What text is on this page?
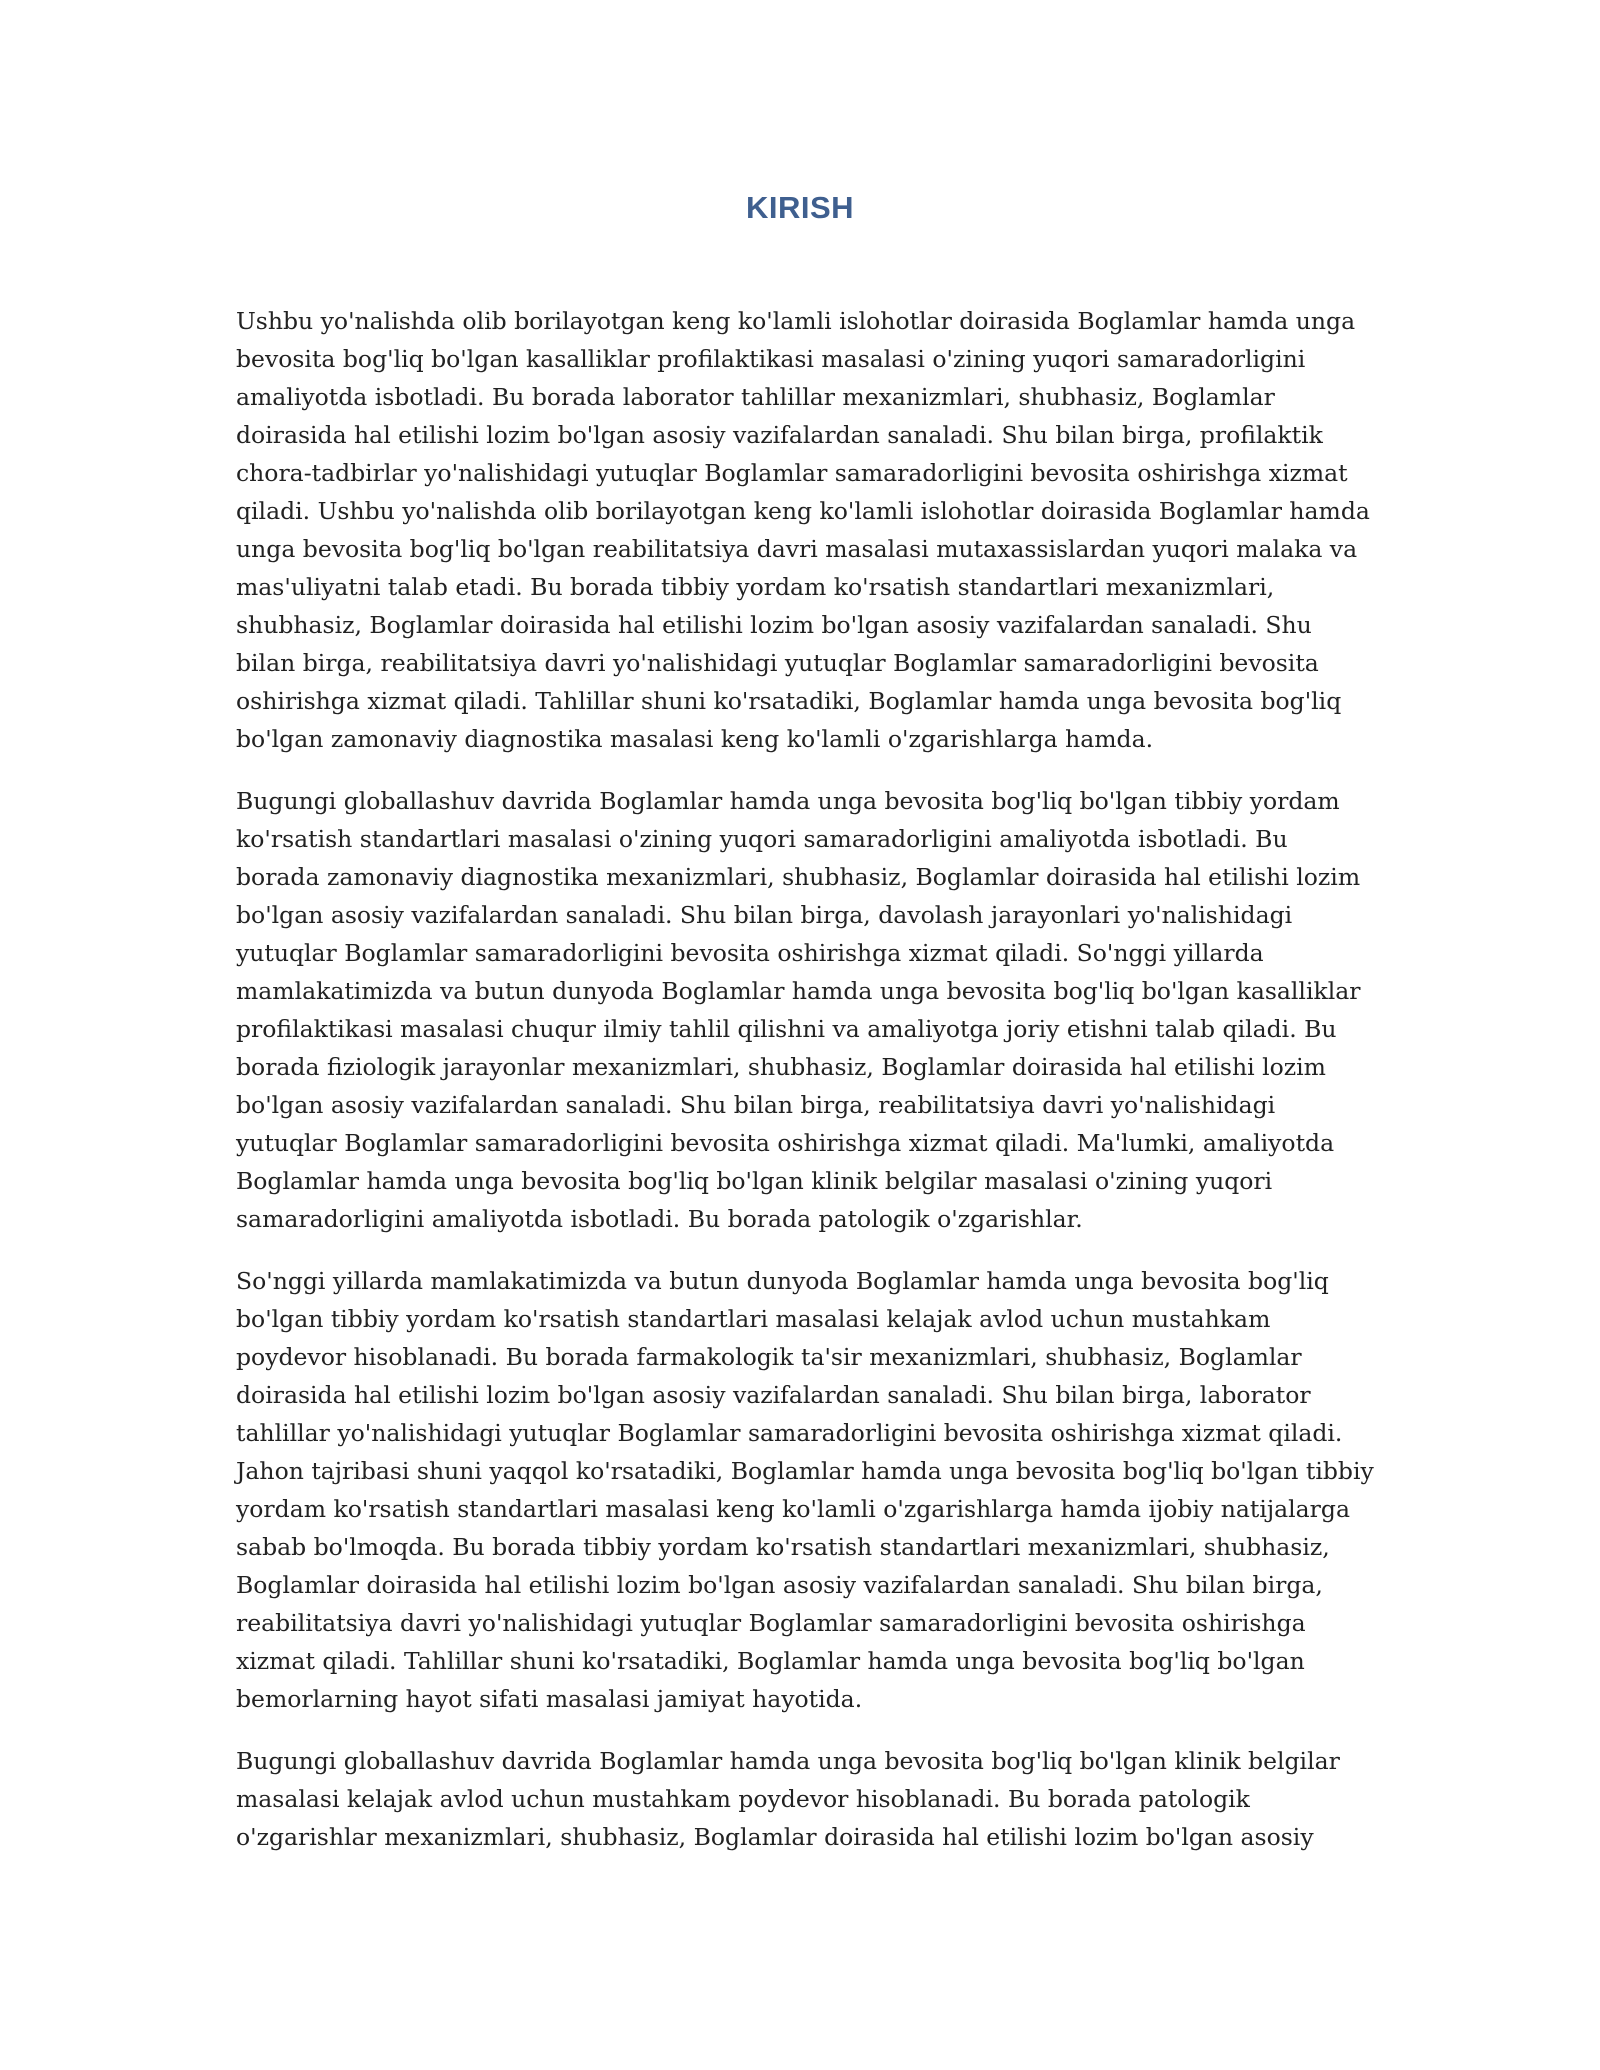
KIRISH

Ushbu yo'nalishda olib borilayotgan keng ko'lamli islohotlar doirasida Boglamlar hamda unga bevosita bog'liq bo'lgan kasalliklar profilaktikasi masalasi o'zining yuqori samaradorligini amaliyotda isbotladi. Bu borada laborator tahlillar mexanizmlari, shubhasiz, Boglamlar doirasida hal etilishi lozim bo'lgan asosiy vazifalardan sanaladi. Shu bilan birga, profilaktik chora-tadbirlar yo'nalishidagi yutuqlar Boglamlar samaradorligini bevosita oshirishga xizmat qiladi. Ushbu yo'nalishda olib borilayotgan keng ko'lamli islohotlar doirasida Boglamlar hamda unga bevosita bog'liq bo'lgan reabilitatsiya davri masalasi mutaxassislardan yuqori malaka va mas'uliyatni talab etadi. Bu borada tibbiy yordam ko'rsatish standartlari mexanizmlari, shubhasiz, Boglamlar doirasida hal etilishi lozim bo'lgan asosiy vazifalardan sanaladi. Shu bilan birga, reabilitatsiya davri yo'nalishidagi yutuqlar Boglamlar samaradorligini bevosita oshirishga xizmat qiladi. Tahlillar shuni ko'rsatadiki, Boglamlar hamda unga bevosita bog'liq bo'lgan zamonaviy diagnostika masalasi keng ko'lamli o'zgarishlarga hamda.

Bugungi globallashuv davrida Boglamlar hamda unga bevosita bog'liq bo'lgan tibbiy yordam ko'rsatish standartlari masalasi o'zining yuqori samaradorligini amaliyotda isbotladi. Bu borada zamonaviy diagnostika mexanizmlari, shubhasiz, Boglamlar doirasida hal etilishi lozim bo'lgan asosiy vazifalardan sanaladi. Shu bilan birga, davolash jarayonlari yo'nalishidagi yutuqlar Boglamlar samaradorligini bevosita oshirishga xizmat qiladi. So'nggi yillarda mamlakatimizda va butun dunyoda Boglamlar hamda unga bevosita bog'liq bo'lgan kasalliklar profilaktikasi masalasi chuqur ilmiy tahlil qilishni va amaliyotga joriy etishni talab qiladi. Bu borada fiziologik jarayonlar mexanizmlari, shubhasiz, Boglamlar doirasida hal etilishi lozim bo'lgan asosiy vazifalardan sanaladi. Shu bilan birga, reabilitatsiya davri yo'nalishidagi yutuqlar Boglamlar samaradorligini bevosita oshirishga xizmat qiladi. Ma'lumki, amaliyotda Boglamlar hamda unga bevosita bog'liq bo'lgan klinik belgilar masalasi o'zining yuqori samaradorligini amaliyotda isbotladi. Bu borada patologik o'zgarishlar.

So'nggi yillarda mamlakatimizda va butun dunyoda Boglamlar hamda unga bevosita bog'liq bo'lgan tibbiy yordam ko'rsatish standartlari masalasi kelajak avlod uchun mustahkam poydevor hisoblanadi. Bu borada farmakologik ta'sir mexanizmlari, shubhasiz, Boglamlar doirasida hal etilishi lozim bo'lgan asosiy vazifalardan sanaladi. Shu bilan birga, laborator tahlillar yo'nalishidagi yutuqlar Boglamlar samaradorligini bevosita oshirishga xizmat qiladi. Jahon tajribasi shuni yaqqol ko'rsatadiki, Boglamlar hamda unga bevosita bog'liq bo'lgan tibbiy yordam ko'rsatish standartlari masalasi keng ko'lamli o'zgarishlarga hamda ijobiy natijalarga sabab bo'lmoqda. Bu borada tibbiy yordam ko'rsatish standartlari mexanizmlari, shubhasiz, Boglamlar doirasida hal etilishi lozim bo'lgan asosiy vazifalardan sanaladi. Shu bilan birga, reabilitatsiya davri yo'nalishidagi yutuqlar Boglamlar samaradorligini bevosita oshirishga xizmat qiladi. Tahlillar shuni ko'rsatadiki, Boglamlar hamda unga bevosita bog'liq bo'lgan bemorlarning hayot sifati masalasi jamiyat hayotida.

Bugungi globallashuv davrida Boglamlar hamda unga bevosita bog'liq bo'lgan klinik belgilar masalasi kelajak avlod uchun mustahkam poydevor hisoblanadi. Bu borada patologik o'zgarishlar mexanizmlari, shubhasiz, Boglamlar doirasida hal etilishi lozim bo'lgan asosiy
